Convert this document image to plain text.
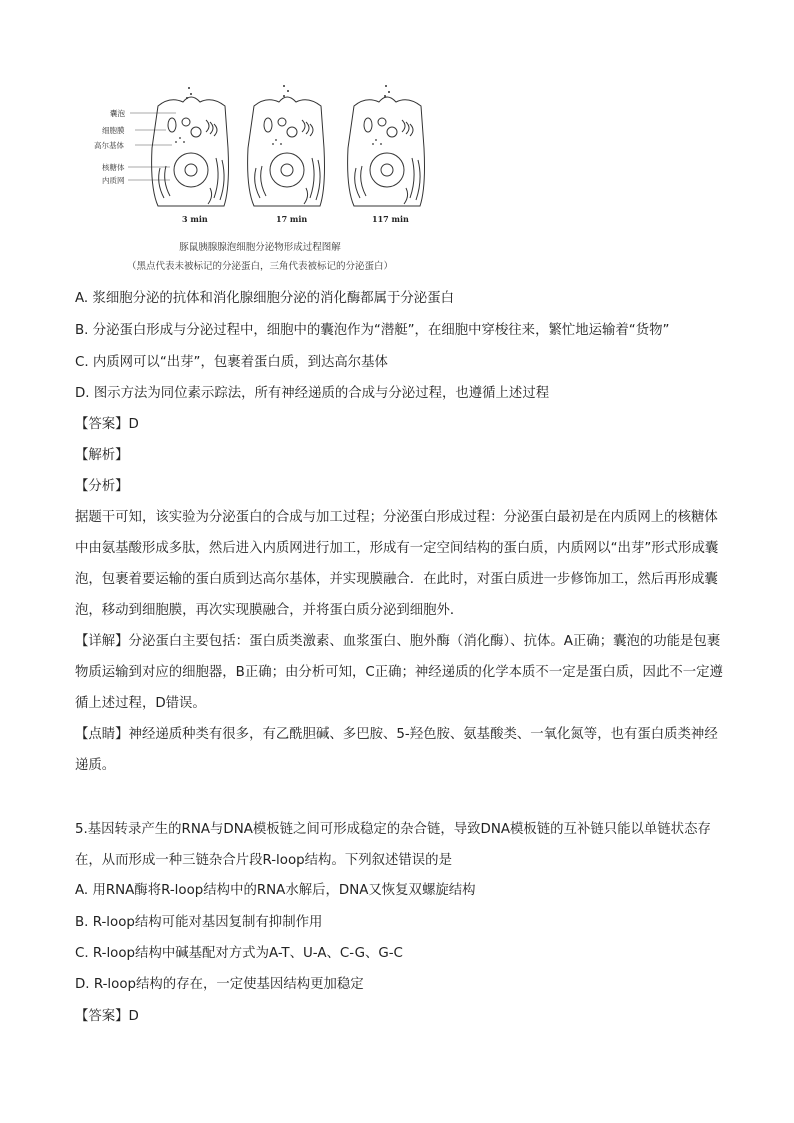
囊泡
细胞膜
高尔基体
核糖体
内质网
3 min	17 min	117 min
豚鼠胰腺腺泡细胞分泌物形成过程图解
（黑点代表未被标记的分泌蛋白，三角代表被标记的分泌蛋白）
A. 浆细胞分泌的抗体和消化腺细胞分泌的消化酶都属于分泌蛋白
B. 分泌蛋白形成与分泌过程中，细胞中的囊泡作为“潜艇”，在细胞中穿梭往来，繁忙地运输着“货物”
C. 内质网可以“出芽”，包裹着蛋白质，到达高尔基体
D. 图示方法为同位素示踪法，所有神经递质的合成与分泌过程，也遵循上述过程
【答案】D
【解析】
【分析】
据题干可知，该实验为分泌蛋白的合成与加工过程；分泌蛋白形成过程：分泌蛋白最初是在内质网上的核糖体中由氨基酸形成多肽，然后进入内质网进行加工，形成有一定空间结构的蛋白质，内质网以“出芽”形式形成囊泡，包裹着要运输的蛋白质到达高尔基体，并实现膜融合．在此时，对蛋白质进一步修饰加工，然后再形成囊泡，移动到细胞膜，再次实现膜融合，并将蛋白质分泌到细胞外．
【详解】分泌蛋白主要包括：蛋白质类激素、血浆蛋白、胞外酶（消化酶）、抗体。A正确；囊泡的功能是包裹物质运输到对应的细胞器，B正确；由分析可知，C正确；神经递质的化学本质不一定是蛋白质，因此不一定遵循上述过程，D错误。
【点睛】神经递质种类有很多，有乙酰胆碱、多巴胺、5-羟色胺、氨基酸类、一氧化氮等，也有蛋白质类神经递质。
5.基因转录产生的RNA与DNA模板链之间可形成稳定的杂合链，导致DNA模板链的互补链只能以单链状态存在，从而形成一种三链杂合片段R-loop结构。下列叙述错误的是
A. 用RNA酶将R-loop结构中的RNA水解后，DNA又恢复双螺旋结构
B. R-loop结构可能对基因复制有抑制作用
C. R-loop结构中碱基配对方式为A-T、U-A、C-G、G-C
D. R-loop结构的存在，一定使基因结构更加稳定
【答案】D
